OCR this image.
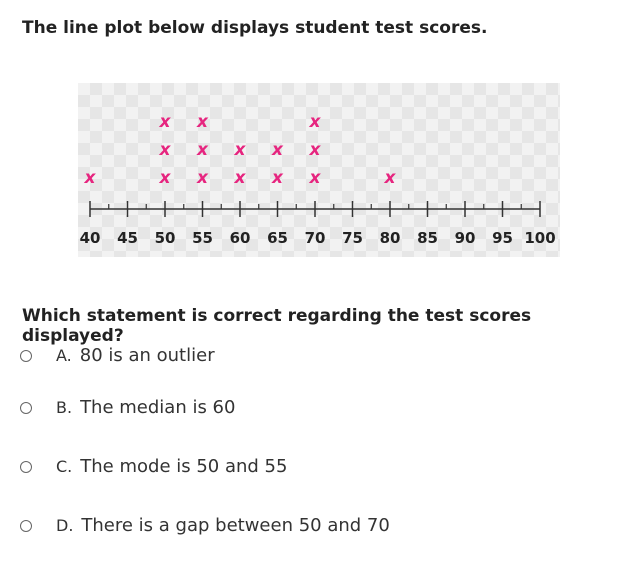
The line plot below displays student test scores.
40 45 50 55 60 65 70 75 80 85 90 95 100
x	x
x
x
x
x
x
x
x
x
x
x
x
x
x
Which statement is correct regarding the test scores displayed?
A. 80 is an outlier
B. The median is 60
C. The mode is 50 and 55
D. There is a gap between 50 and 70
